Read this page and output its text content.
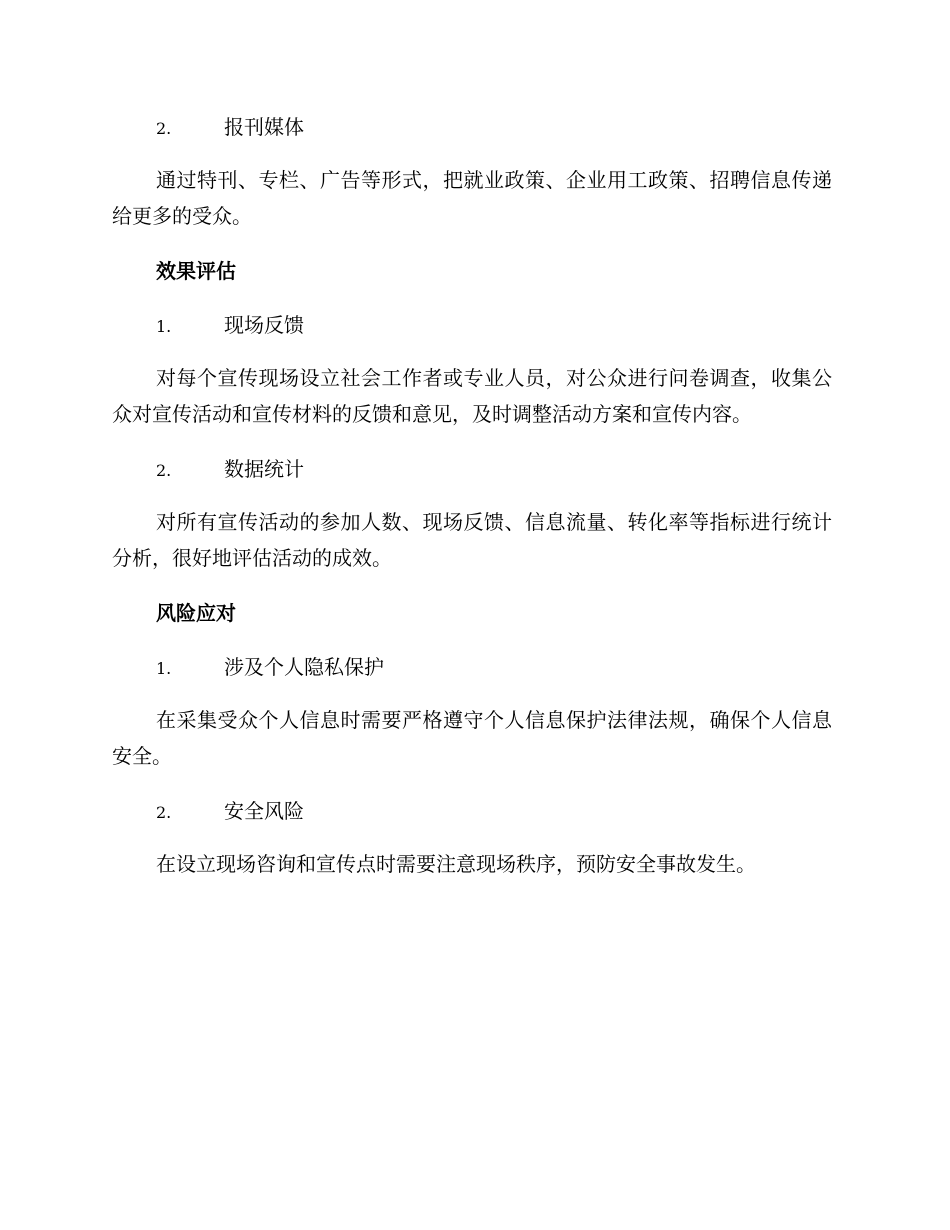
2.	报刊媒体

通过特刊、专栏、广告等形式，把就业政策、企业用工政策、招聘信息传递给更多的受众。

效果评估
1.	现场反馈

对每个宣传现场设立社会工作者或专业人员，对公众进行问卷调查，收集公众对宣传活动和宣传材料的反馈和意见，及时调整活动方案和宣传内容。

2.	数据统计

对所有宣传活动的参加人数、现场反馈、信息流量、转化率等指标进行统计分析，很好地评估活动的成效。

风险应对
1.	涉及个人隐私保护

在采集受众个人信息时需要严格遵守个人信息保护法律法规，确保个人信息安全。

2.	安全风险

在设立现场咨询和宣传点时需要注意现场秩序，预防安全事故发生。
